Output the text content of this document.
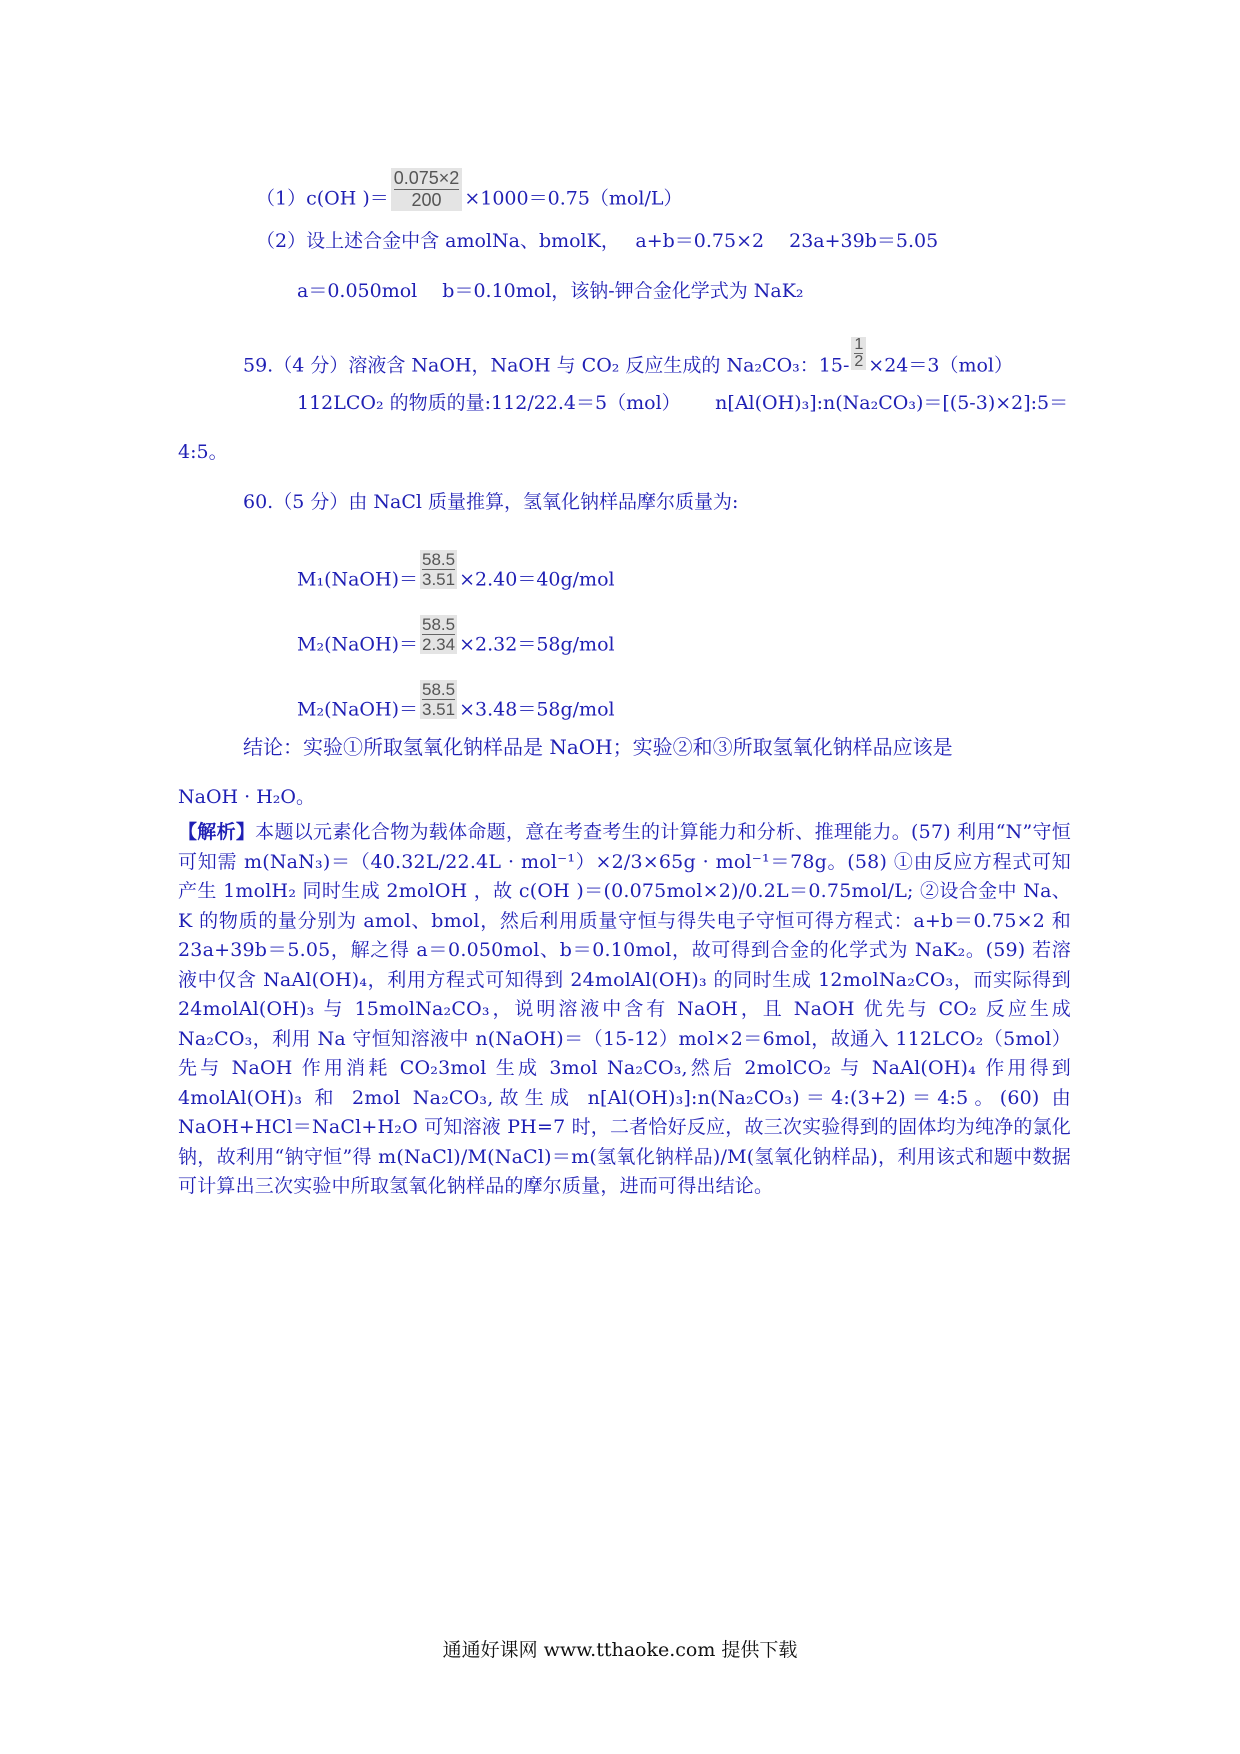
（1）c(OH )＝ $\frac{0.075\times 2}{200} \times 1000=0.75(mol/L)$
（2）设上述合金中含 amolNa、bmolK，　 a+b＝0.75×2　 23a+39b＝5.05
a＝0.050mol　 b＝0.10mol，该钠-钾合金化学式为 NaK₂
59.（4 分）溶液含 NaOH，NaOH 与 CO₂ 反应生成的 Na₂CO₃：$15- \frac{1}{2} \times 24=3(mol)$
112LCO₂ 的物质的量:112/22.4＝5（mol）　　 n[Al(OH)₃]:n(Na₂CO₃)＝[(5-3)×2]:5＝
4:5。
60.（5 分）由 NaCl 质量推算，氢氧化钠样品摩尔质量为:
M₁(NaOH)＝ $\frac{58.5}{3.51} \times 2.40=40g/mol$
M₂(NaOH)＝ $\frac{58.5}{2.34} \times 2.32=58g/mol$
M₂(NaOH)＝ $\frac{58.5}{3.51} \times 3.48=58g/mol$
结论：实验①所取氢氧化钠样品是 NaOH；实验②和③所取氢氧化钠样品应该是
NaOH · H₂O。
【解析】本题以元素化合物为载体命题，意在考查考生的计算能力和分析、推理能力。(57) 利用“N”守恒可知需 m(NaN₃)＝（40.32L/22.4L · mol⁻¹）×2/3×65g · mol⁻¹＝78g。(58) ①由反应方程式可知产生 1molH₂ 同时生成 2molOH ，故 c(OH )＝(0.075mol×2)/0.2L＝0.75mol/L; ②设合金中 Na、K 的物质的量分别为 amol、bmol，然后利用质量守恒与得失电子守恒可得方程式：a+b＝0.75×2 和 23a+39b＝5.05，解之得 a＝0.050mol、b＝0.10mol，故可得到合金的化学式为 NaK₂。(59) 若溶液中仅含 NaAl(OH)₄，利用方程式可知得到 24molAl(OH)₃ 的同时生成 12molNa₂CO₃，而实际得到 24molAl(OH)₃ 与 15molNa₂CO₃，说明溶液中含有 NaOH，且 NaOH 优先与 CO₂ 反应生成 Na₂CO₃，利用 Na 守恒知溶液中 n(NaOH)＝（15-12）mol×2＝6mol，故通入 112LCO₂（5mol）先与 NaOH 作用消耗 CO₂3mol 生成 3mol Na₂CO₃,然后 2molCO₂ 与 NaAl(OH)₄ 作用得到 4molAl(OH)₃ 和 2mol Na₂CO₃,故生成 n[Al(OH)₃]:n(Na₂CO₃)＝4:(3+2)＝4:5。(60) 由 NaOH+HCl＝NaCl+H₂O 可知溶液 PH=7 时，二者恰好反应，故三次实验得到的固体均为纯净的氯化钠，故利用“钠守恒”得 m(NaCl)/M(NaCl)＝m(氢氧化钠样品)/M(氢氧化钠样品)，利用该式和题中数据可计算出三次实验中所取氢氧化钠样品的摩尔质量，进而可得出结论。
通通好课网 www.tthaoke.com 提供下载
